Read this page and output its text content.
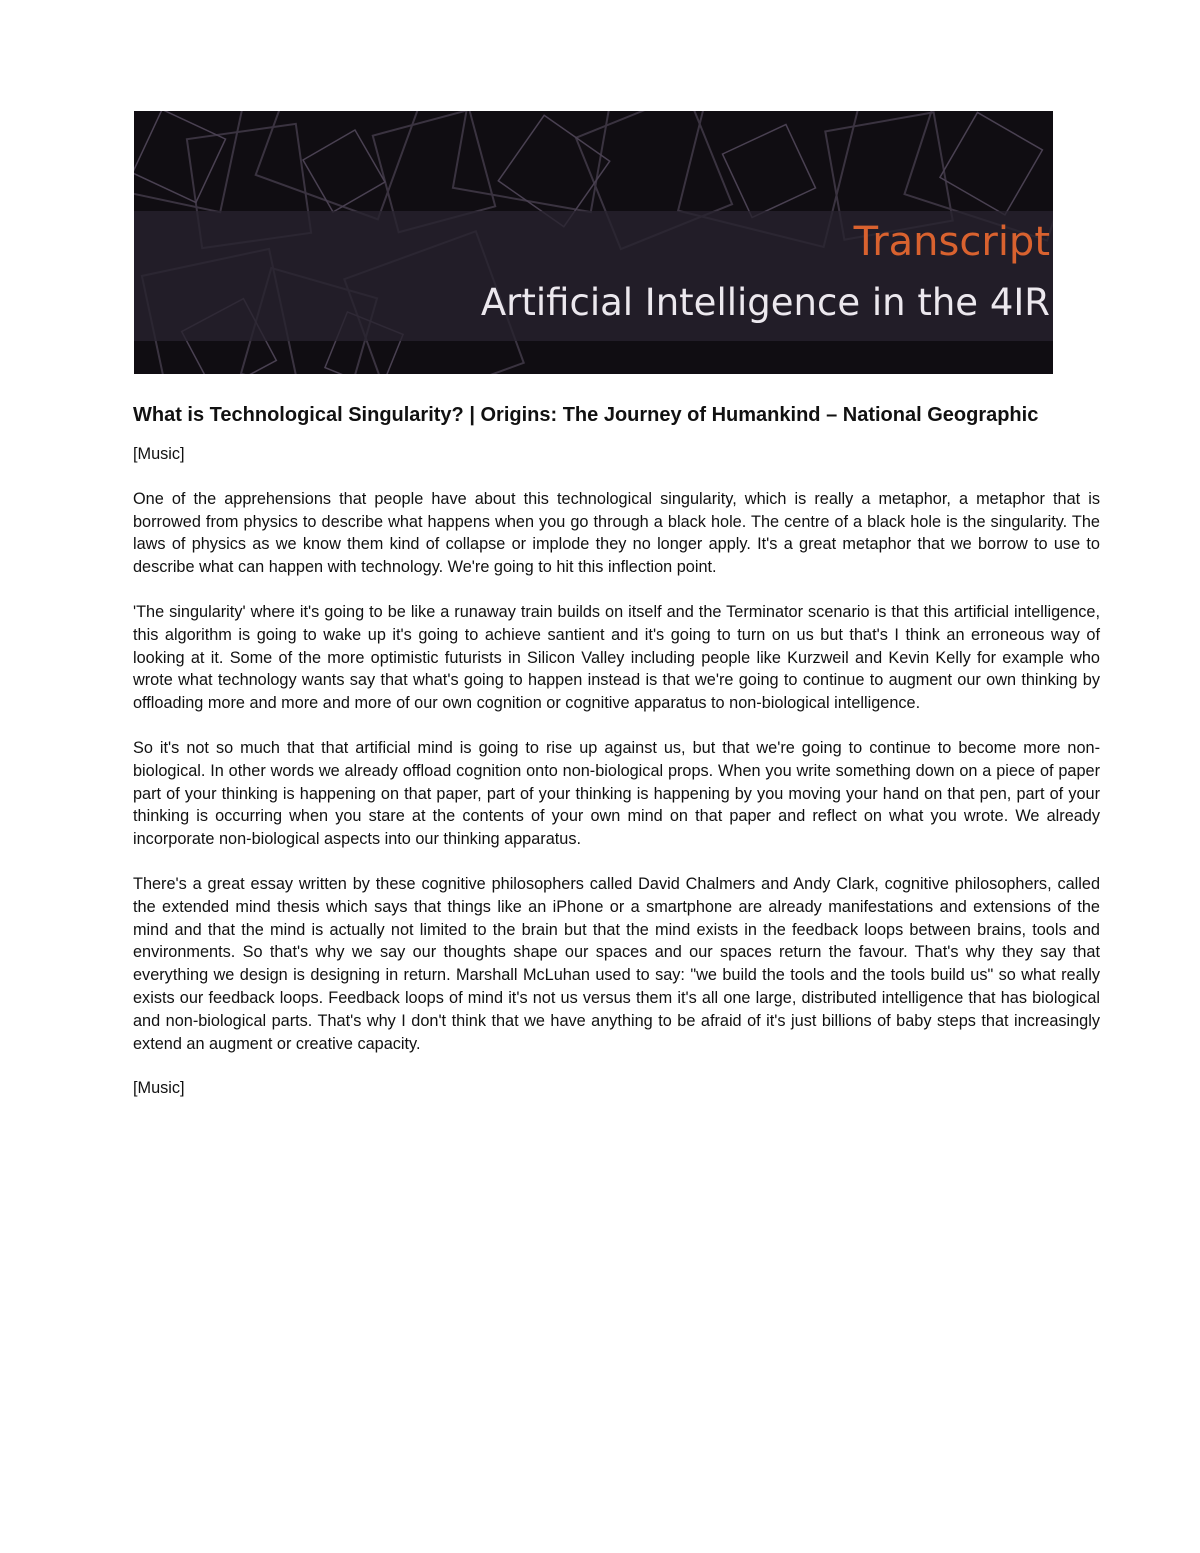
Transcript
Artificial Intelligence in the 4IR
What is Technological Singularity? | Origins: The Journey of Humankind – National Geographic

[Music]

One of the apprehensions that people have about this technological singularity, which is really a metaphor, a metaphor that is borrowed from physics to describe what happens when you go through a black hole. The centre of a black hole is the singularity. The laws of physics as we know them kind of collapse or implode they no longer apply. It's a great metaphor that we borrow to use to describe what can happen with technology. We're going to hit this inflection point.

'The singularity' where it's going to be like a runaway train builds on itself and the Terminator scenario is that this artificial intelligence, this algorithm is going to wake up it's going to achieve santient and it's going to turn on us but that's I think an erroneous way of looking at it. Some of the more optimistic futurists in Silicon Valley including people like Kurzweil and Kevin Kelly for example who wrote what technology wants say that what's going to happen instead is that we're going to continue to augment our own thinking by offloading more and more and more of our own cognition or cognitive apparatus to non-biological intelligence.

So it's not so much that that artificial mind is going to rise up against us, but that we're going to continue to become more non-biological. In other words we already offload cognition onto non-biological props. When you write something down on a piece of paper part of your thinking is happening on that paper, part of your thinking is happening by you moving your hand on that pen, part of your thinking is occurring when you stare at the contents of your own mind on that paper and reflect on what you wrote. We already incorporate non-biological aspects into our thinking apparatus.

There's a great essay written by these cognitive philosophers called David Chalmers and Andy Clark, cognitive philosophers, called the extended mind thesis which says that things like an iPhone or a smartphone are already manifestations and extensions of the mind and that the mind is actually not limited to the brain but that the mind exists in the feedback loops between brains, tools and environments. So that's why we say our thoughts shape our spaces and our spaces return the favour. That's why they say that everything we design is designing in return. Marshall McLuhan used to say: "we build the tools and the tools build us" so what really exists our feedback loops. Feedback loops of mind it's not us versus them it's all one large, distributed intelligence that has biological and non-biological parts. That's why I don't think that we have anything to be afraid of it's just billions of baby steps that increasingly extend an augment or creative capacity.

[Music]
